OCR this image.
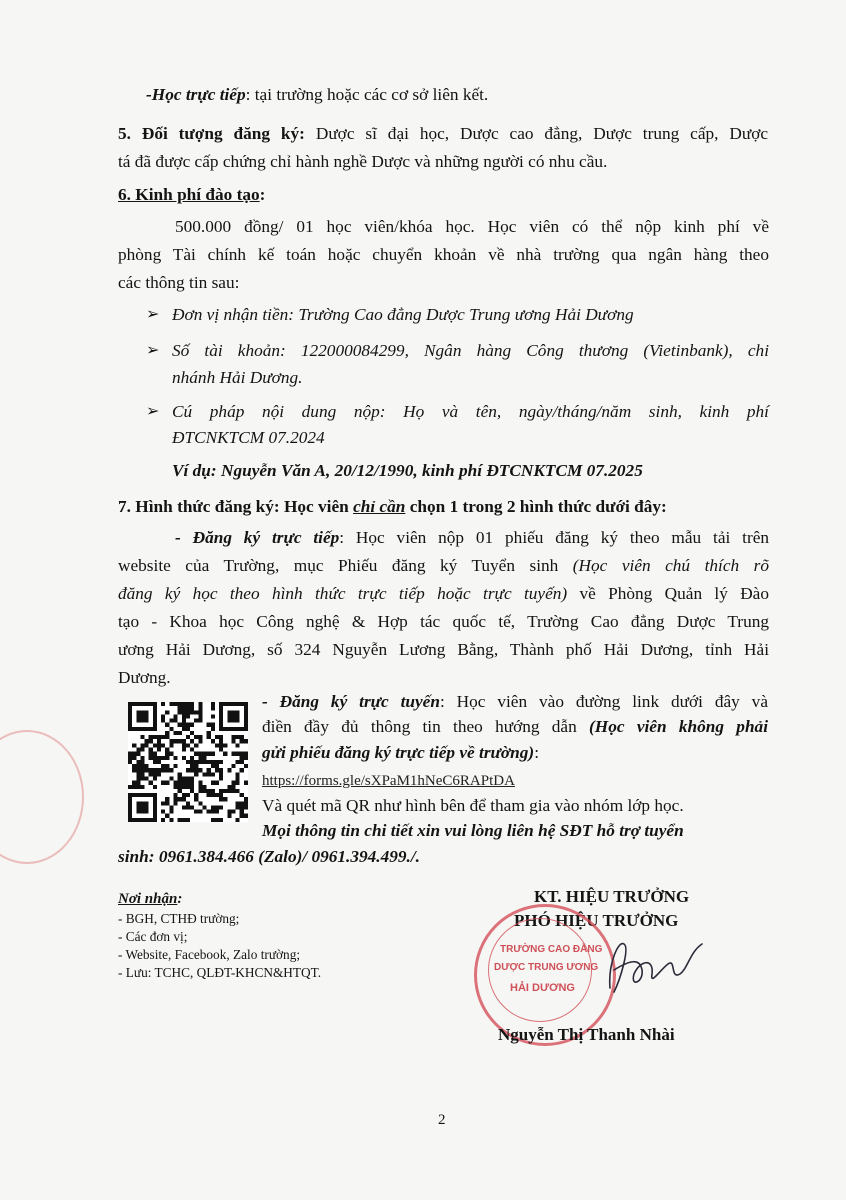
-Học trực tiếp: tại trường hoặc các cơ sở liên kết.
5. Đối tượng đăng ký: Dược sĩ đại học, Dược cao đẳng, Dược trung cấp, Dược
tá đã được cấp chứng chỉ hành nghề Dược và những người có nhu cầu.
6. Kinh phí đào tạo:
500.000 đồng/ 01 học viên/khóa học. Học viên có thể nộp kinh phí về
phòng Tài chính kế toán hoặc chuyển khoản về nhà trường qua ngân hàng theo
các thông tin sau:
➢ Đơn vị nhận tiền: Trường Cao đẳng Dược Trung ương Hải Dương
➢ Số tài khoản: 122000084299, Ngân hàng Công thương (Vietinbank), chi
nhánh Hải Dương.
➢ Cú pháp nội dung nộp: Họ và tên, ngày/tháng/năm sinh, kinh phí
ĐTCNKTCM 07.2024
Ví dụ: Nguyễn Văn A, 20/12/1990, kinh phí ĐTCNKTCM 07.2025
7. Hình thức đăng ký: Học viên chỉ cần chọn 1 trong 2 hình thức dưới đây:
- Đăng ký trực tiếp: Học viên nộp 01 phiếu đăng ký theo mẫu tải trên
website của Trường, mục Phiếu đăng ký Tuyển sinh (Học viên chú thích rõ
đăng ký học theo hình thức trực tiếp hoặc trực tuyến) về Phòng Quản lý Đào
tạo - Khoa học Công nghệ & Hợp tác quốc tế, Trường Cao đẳng Dược Trung
ương Hải Dương, số 324 Nguyễn Lương Bằng, Thành phố Hải Dương, tỉnh Hải
Dương.
- Đăng ký trực tuyến: Học viên vào đường link dưới đây và
điền đầy đủ thông tin theo hướng dẫn (Học viên không phải
gửi phiếu đăng ký trực tiếp về trường):
https://forms.gle/sXPaM1hNeC6RAPtDA
Và quét mã QR như hình bên để tham gia vào nhóm lớp học.
Mọi thông tin chi tiết xin vui lòng liên hệ SĐT hỗ trợ tuyển
sinh: 0961.384.466 (Zalo)/ 0961.394.499./.
Nơi nhận:
- BGH, CTHĐ trường;
- Các đơn vị;
- Website, Facebook, Zalo trường;
- Lưu: TCHC, QLĐT-KHCN&HTQT.
KT. HIỆU TRƯỞNG
PHÓ HIỆU TRƯỞNG
TRƯỜNG CAO ĐẲNG
DƯỢC TRUNG ƯƠNG
HẢI DƯƠNG
Nguyễn Thị Thanh Nhài
2
